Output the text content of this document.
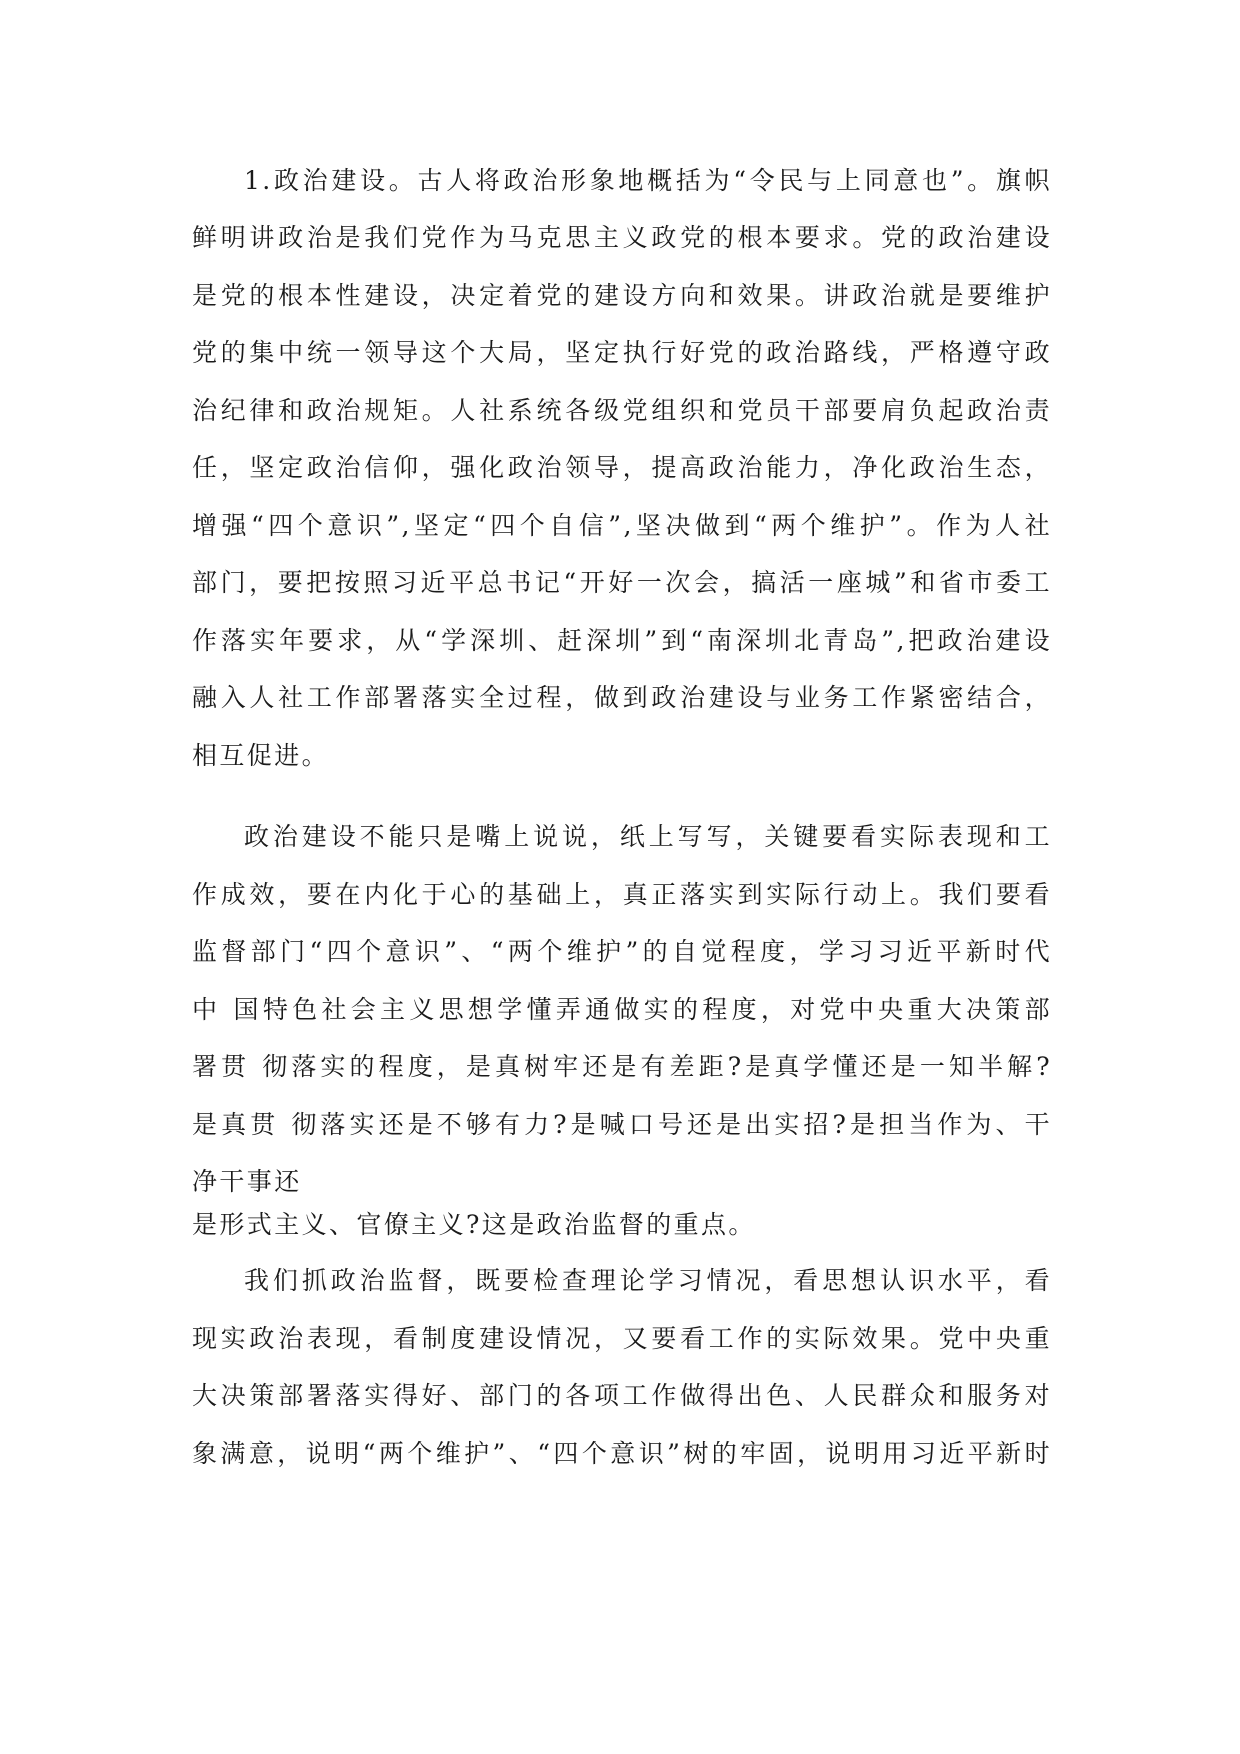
1.政治建设。古人将政治形象地概括为“令民与上同意也”。旗帜
鲜明讲政治是我们党作为马克思主义政党的根本要求。党的政治建设
是党的根本性建设，决定着党的建设方向和效果。讲政治就是要维护
党的集中统一领导这个大局，坚定执行好党的政治路线，严格遵守政
治纪律和政治规矩。人社系统各级党组织和党员干部要肩负起政治责
任，坚定政治信仰，强化政治领导，提高政治能力，净化政治生态，
增强“四个意识”,坚定“四个自信”,坚决做到“两个维护”。作为人社
部门，要把按照习近平总书记“开好一次会，搞活一座城”和省市委工
作落实年要求，从“学深圳、赶深圳”到“南深圳北青岛”,把政治建设
融入人社工作部署落实全过程，做到政治建设与业务工作紧密结合，
相互促进。
政治建设不能只是嘴上说说，纸上写写，关键要看实际表现和工
作成效，要在内化于心的基础上，真正落实到实际行动上。我们要看
监督部门“四个意识”、“两个维护”的自觉程度，学习习近平新时代
中 国特色社会主义思想学懂弄通做实的程度，对党中央重大决策部
署贯 彻落实的程度，是真树牢还是有差距?是真学懂还是一知半解?
是真贯 彻落实还是不够有力?是喊口号还是出实招?是担当作为、干
净干事还
是形式主义、官僚主义?这是政治监督的重点。
我们抓政治监督，既要检查理论学习情况，看思想认识水平，看
现实政治表现，看制度建设情况，又要看工作的实际效果。党中央重
大决策部署落实得好、部门的各项工作做得出色、人民群众和服务对
象满意，说明“两个维护”、“四个意识”树的牢固，说明用习近平新时
